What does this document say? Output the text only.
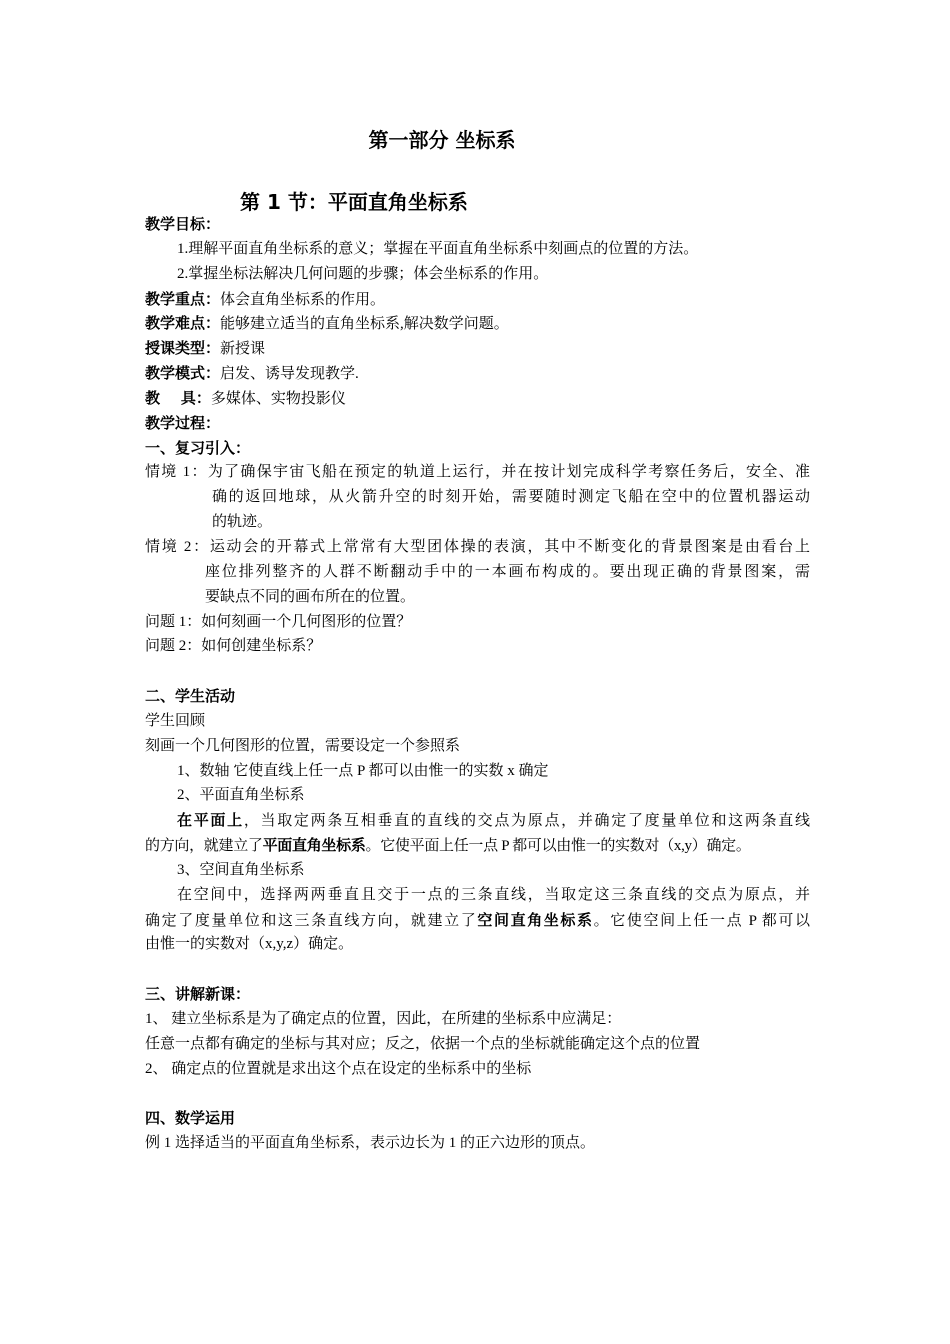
第一部分 坐标系
第 1 节：平面直角坐标系
教学目标：
1.理解平面直角坐标系的意义；掌握在平面直角坐标系中刻画点的位置的方法。
2.掌握坐标法解决几何问题的步骤；体会坐标系的作用。
教学重点：体会直角坐标系的作用。
教学难点：能够建立适当的直角坐标系,解决数学问题。
授课类型：新授课
教学模式：启发、诱导发现教学.
教    具：多媒体、实物投影仪
教学过程：
一、复习引入：
情境 1：为了确保宇宙飞船在预定的轨道上运行，并在按计划完成科学考察任务后，安全、准
确的返回地球，从火箭升空的时刻开始，需要随时测定飞船在空中的位置机器运动
的轨迹。
情境 2：运动会的开幕式上常常有大型团体操的表演，其中不断变化的背景图案是由看台上
座位排列整齐的人群不断翻动手中的一本画布构成的。要出现正确的背景图案，需
要缺点不同的画布所在的位置。
问题 1：如何刻画一个几何图形的位置？
问题 2：如何创建坐标系？
二、学生活动
学生回顾
刻画一个几何图形的位置，需要设定一个参照系
1、数轴 它使直线上任一点 P 都可以由惟一的实数 x 确定
2、平面直角坐标系
在平面上，当取定两条互相垂直的直线的交点为原点，并确定了度量单位和这两条直线
的方向，就建立了平面直角坐标系。它使平面上任一点 P 都可以由惟一的实数对（x,y）确定。
3、空间直角坐标系
在空间中，选择两两垂直且交于一点的三条直线，当取定这三条直线的交点为原点，并
确定了度量单位和这三条直线方向，就建立了空间直角坐标系。它使空间上任一点 P 都可以
由惟一的实数对（x,y,z）确定。
三、讲解新课：
1、 建立坐标系是为了确定点的位置，因此，在所建的坐标系中应满足：
任意一点都有确定的坐标与其对应；反之，依据一个点的坐标就能确定这个点的位置
2、 确定点的位置就是求出这个点在设定的坐标系中的坐标
四、数学运用
例 1 选择适当的平面直角坐标系，表示边长为 1 的正六边形的顶点。
